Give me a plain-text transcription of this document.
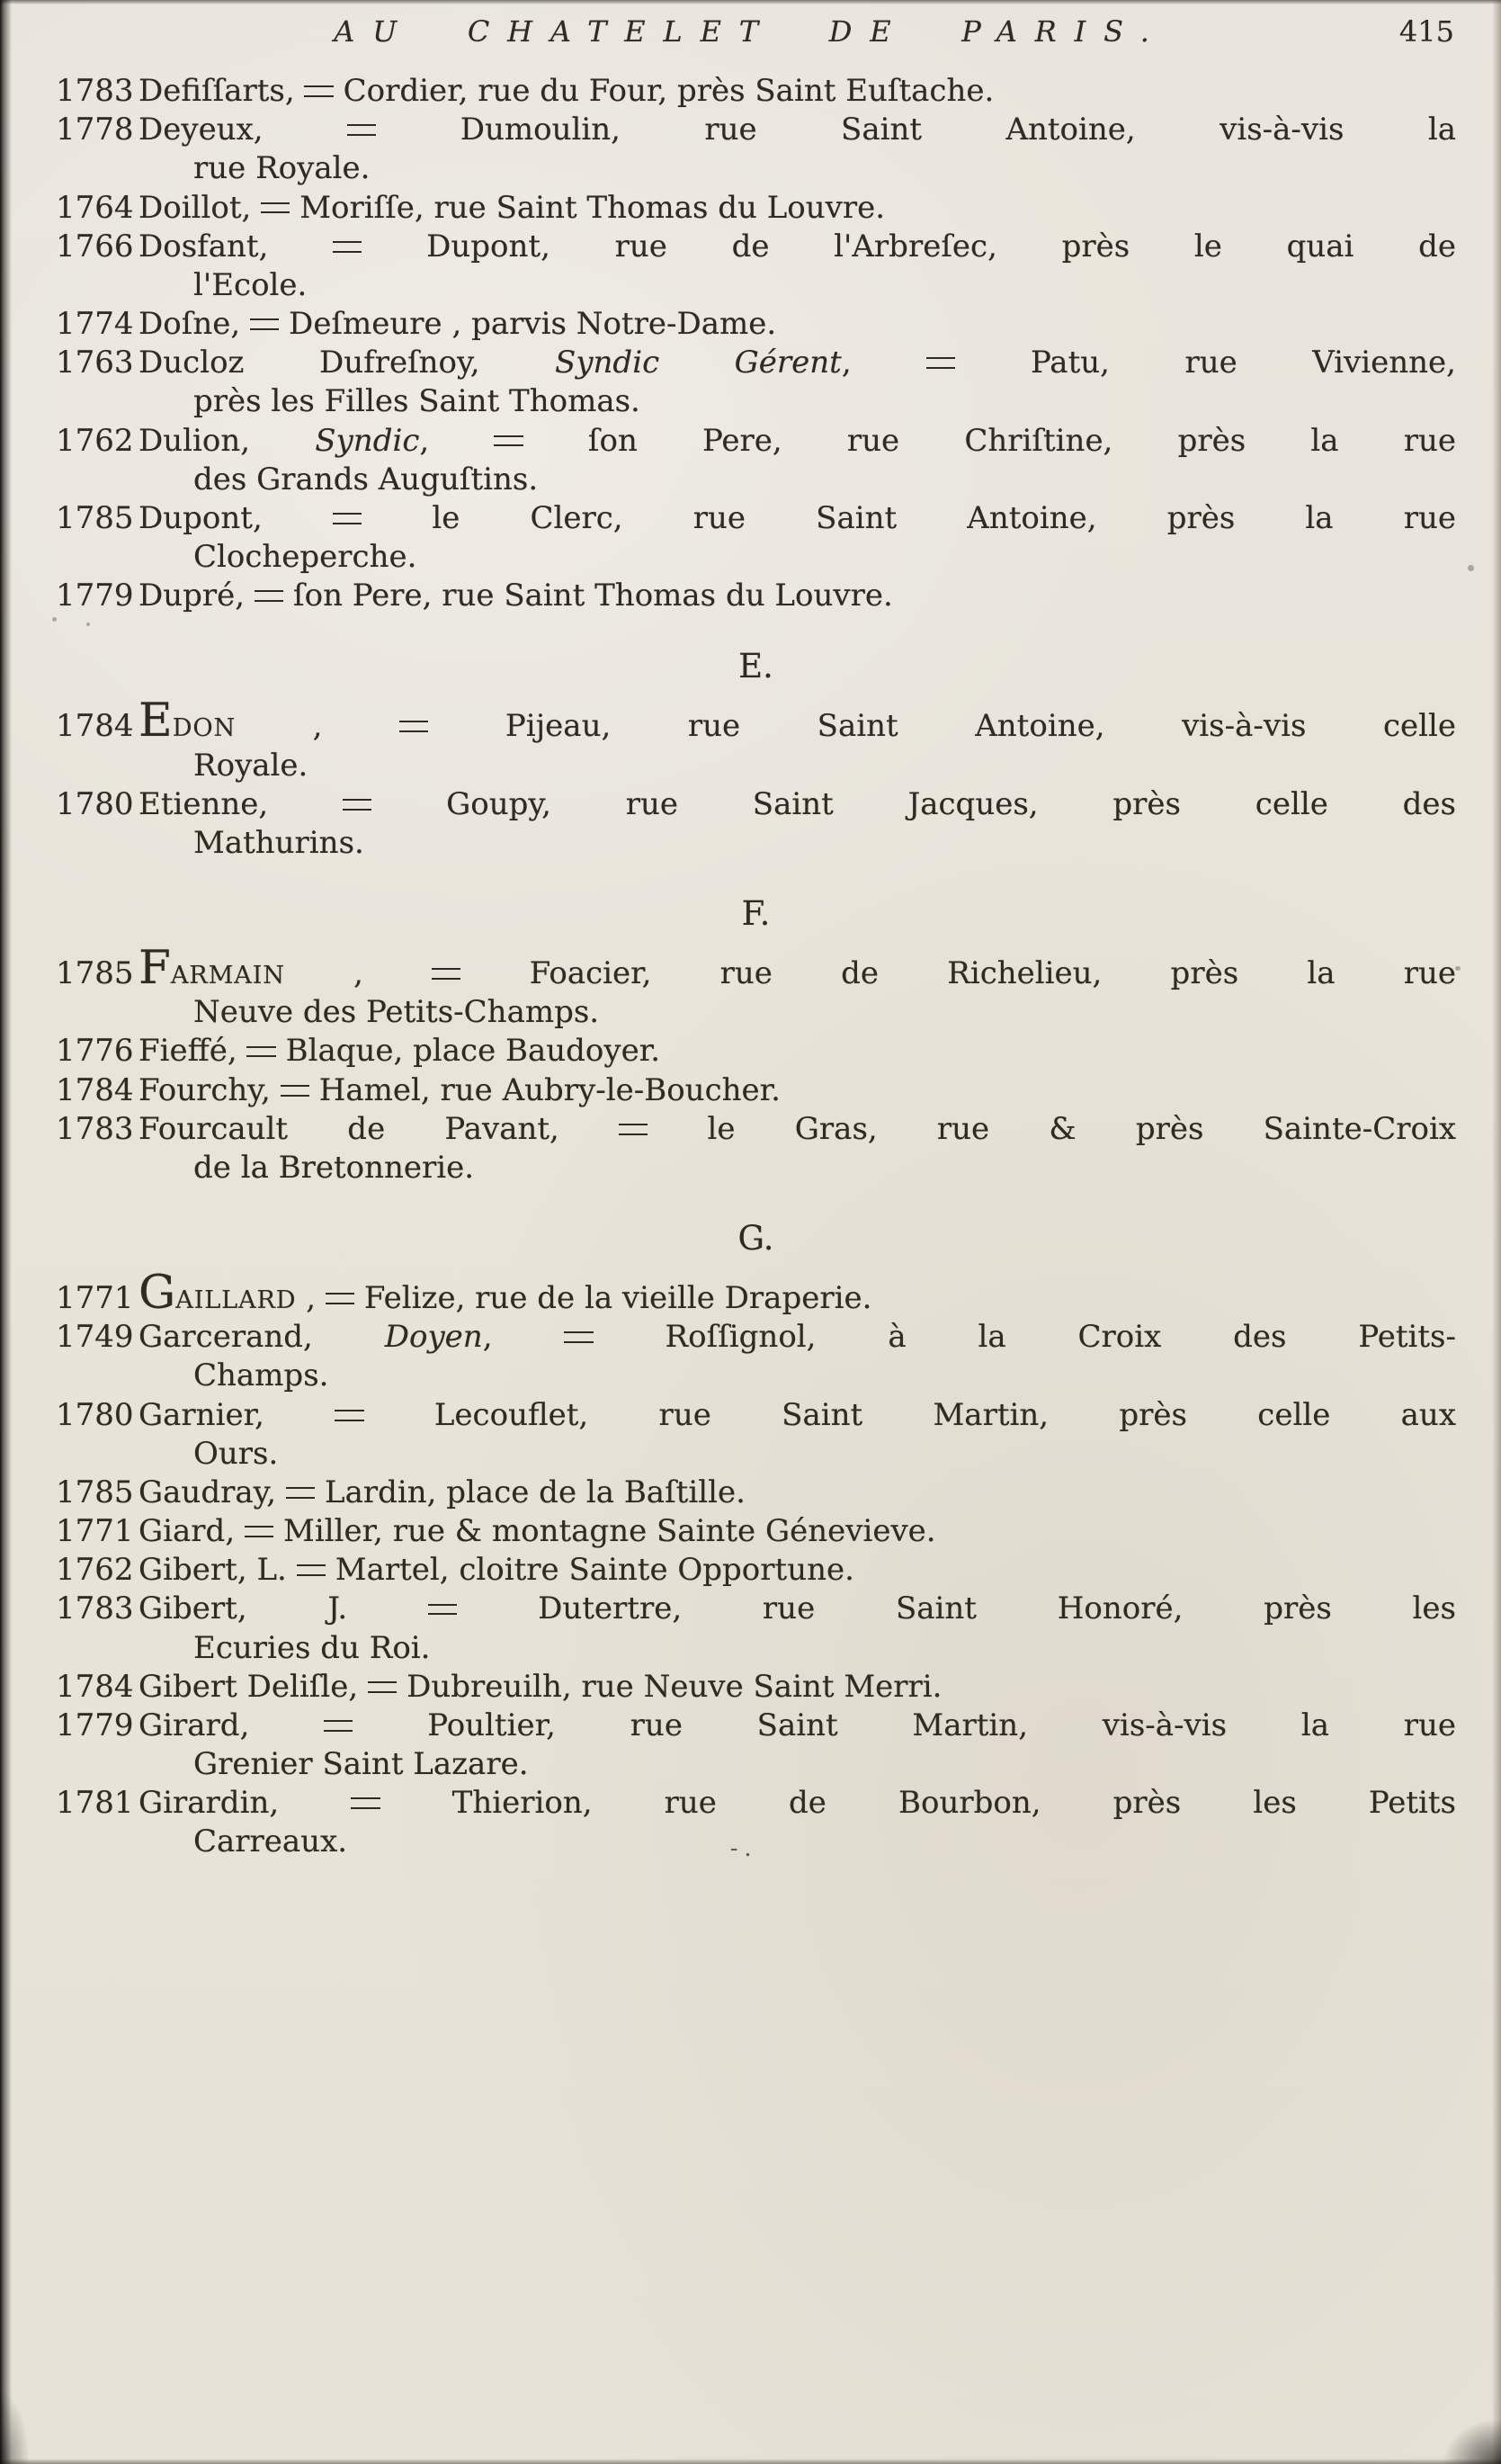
AU CHATELET DE PARIS.	415
1783 Defiſſarts,  Cordier, rue du Four, près Saint Euſtache.
1778 Deyeux,  Dumoulin, rue Saint Antoine, vis-à-vis la
rue Royale.
1764 Doillot,  Moriſſe, rue Saint Thomas du Louvre.
1766 Dosfant,  Dupont, rue de l'Arbreſec, près le quai de
l'Ecole.
1774 Doſne,  Deſmeure , parvis Notre-Dame.
1763 Ducloz Dufreſnoy, Syndic Gérent,  Patu, rue Vivienne,
près les Filles Saint Thomas.
1762 Dulion, Syndic,  ſon Pere, rue Chriſtine, près la rue
des Grands Auguſtins.
1785 Dupont,  le Clerc, rue Saint Antoine, près la rue
Clocheperche.
1779 Dupré,  ſon Pere, rue Saint Thomas du Louvre.
E.
1784 EDON ,  Pijeau, rue Saint Antoine, vis-à-vis celle
Royale.
1780 Etienne,  Goupy, rue Saint Jacques, près celle des
Mathurins.
F.
1785 FARMAIN ,  Foacier, rue de Richelieu, près la rue
Neuve des Petits-Champs.
1776 Fieffé,  Blaque, place Baudoyer.
1784 Fourchy,  Hamel, rue Aubry-le-Boucher.
1783 Fourcault de Pavant,  le Gras, rue & près Sainte-Croix
de la Bretonnerie.
G.
1771 GAILLARD ,  Felize, rue de la vieille Draperie.
1749 Garcerand, Doyen,  Roſſignol, à la Croix des Petits-
Champs.
1780 Garnier,  Lecouflet, rue Saint Martin, près celle aux
Ours.
1785 Gaudray,  Lardin, place de la Baſtille.
1771 Giard,  Miller, rue & montagne Sainte Génevieve.
1762 Gibert, L.  Martel, cloitre Sainte Opportune.
1783 Gibert, J.  Dutertre, rue Saint Honoré, près les
Ecuries du Roi.
1784 Gibert Deliſle,  Dubreuilh, rue Neuve Saint Merri.
1779 Girard,  Poultier, rue Saint Martin, vis-à-vis la rue
Grenier Saint Lazare.
1781 Girardin,  Thierion, rue de Bourbon, près les Petits
Carreaux.	-.
